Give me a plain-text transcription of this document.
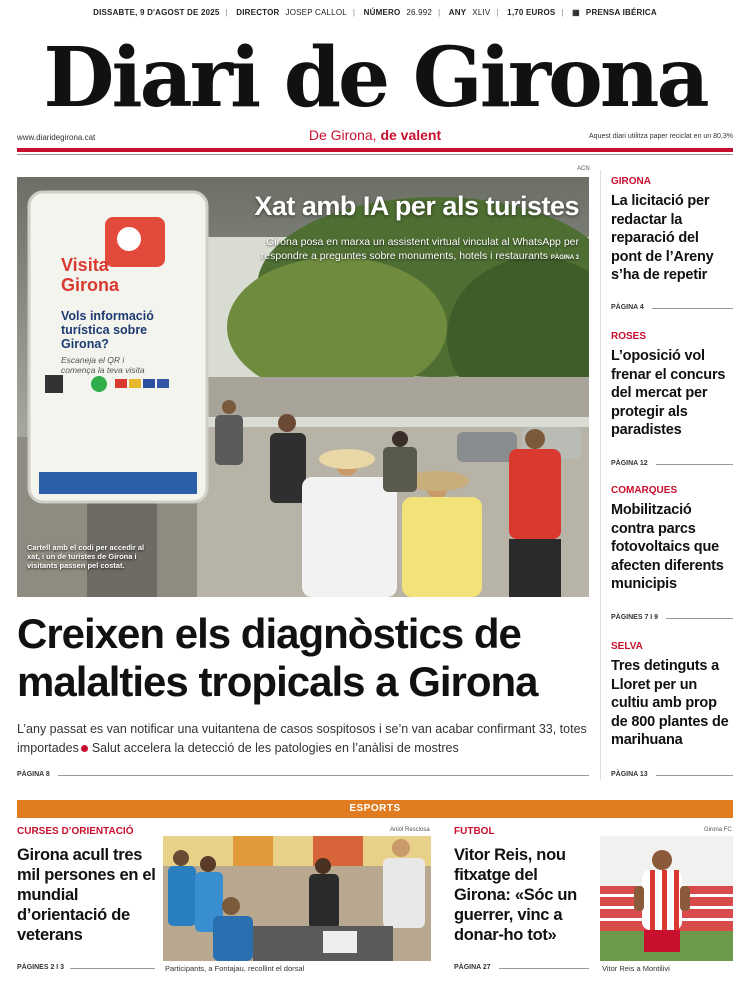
DISSABTE, 9 D'AGOST DE 2025 | DIRECTOR JOSEP CALLOL | NÚMERO 26.992 | ANY XLIV | 1,70 EUROS | ▦ PRENSA IBÉRICA
Diari de Girona
www.diaridegirona.cat	De Girona, de valent	Aquest diari utilitza paper reciclat en un 80,3%
ACN
Visita
Girona
Vols informació
turística sobre
Girona?
Escaneja el QR i
comença la teva visita
Xat amb IA per als turistes
Girona posa en marxa un assistent virtual vinculat al WhatsApp per respondre a preguntes sobre monuments, hotels i restaurants PÀGINA 3
Cartell amb el codi per accedir al xat, i un de turistes de Girona i visitants passen pel costat.
Creixen els diagnòstics de malalties tropicals a Girona
L’any passat es van notificar una vuitantena de casos sospitosos i se’n van acabar confirmant 33, totes importades Salut accelera la detecció de les patologies en l’anàlisi de mostres
PÀGINA 8
GIRONA
La licitació per redactar la reparació del pont de l’Areny s’ha de repetir
PÀGINA 4
ROSES
L’oposició vol frenar el concurs del mercat per protegir als paradistes
PÀGINA 12
COMARQUES
Mobilització contra parcs fotovoltaics que afecten diferents municipis
PÀGINES 7 I 9
SELVA
Tres detinguts a Lloret per un cultiu amb prop de 800 plantes de marihuana
PÀGINA 13
ESPORTS
CURSES D’ORIENTACIÓ
Girona acull tres mil persones en el mundial d’orientació de veterans
PÀGINES 2 I 3
Aniol Resclosa
Participants, a Fontajau, recollint el dorsal
FUTBOL
Vitor Reis, nou fitxatge del Girona: «Sóc un guerrer, vinc a donar-ho tot»
PÀGINA 27
Girona FC
Vitor Reis a Montilivi
